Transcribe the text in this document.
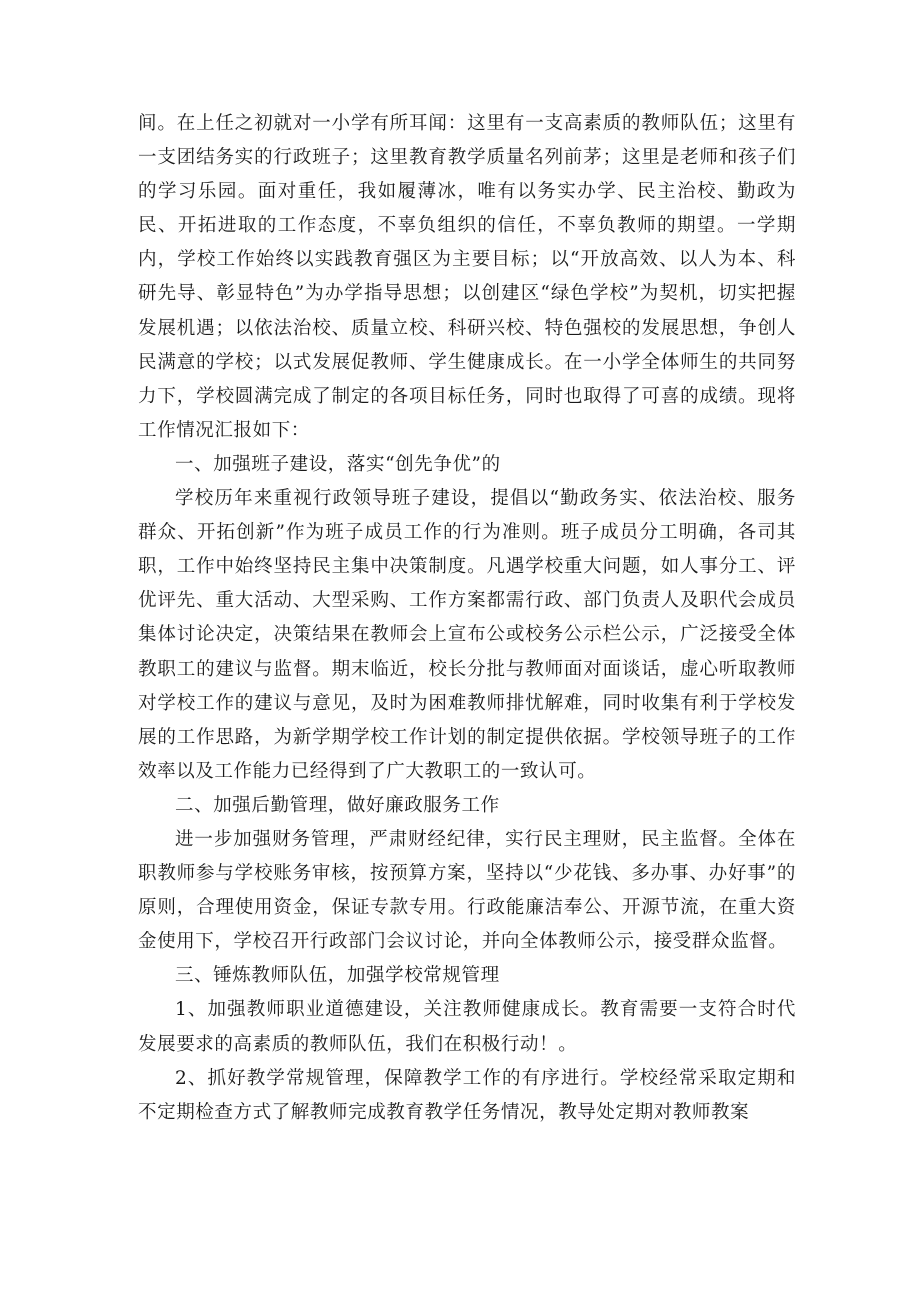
间。在上任之初就对一小学有所耳闻：这里有一支高素质的教师队伍；这里有一支团结务实的行政班子；这里教育教学质量名列前茅；这里是老师和孩子们的学习乐园。面对重任，我如履薄冰，唯有以务实办学、民主治校、勤政为民、开拓进取的工作态度，不辜负组织的信任，不辜负教师的期望。一学期内，学校工作始终以实践教育强区为主要目标；以“开放高效、以人为本、科研先导、彰显特色”为办学指导思想；以创建区“绿色学校”为契机，切实把握发展机遇；以依法治校、质量立校、科研兴校、特色强校的发展思想，争创人民满意的学校；以式发展促教师、学生健康成长。在一小学全体师生的共同努力下，学校圆满完成了制定的各项目标任务，同时也取得了可喜的成绩。现将工作情况汇报如下：

一、加强班子建设，落实“创先争优”的

学校历年来重视行政领导班子建设，提倡以“勤政务实、依法治校、服务群众、开拓创新”作为班子成员工作的行为准则。班子成员分工明确，各司其职，工作中始终坚持民主集中决策制度。凡遇学校重大问题，如人事分工、评优评先、重大活动、大型采购、工作方案都需行政、部门负责人及职代会成员集体讨论决定，决策结果在教师会上宣布公或校务公示栏公示，广泛接受全体教职工的建议与监督。期末临近，校长分批与教师面对面谈话，虚心听取教师对学校工作的建议与意见，及时为困难教师排忧解难，同时收集有利于学校发展的工作思路，为新学期学校工作计划的制定提供依据。学校领导班子的工作效率以及工作能力已经得到了广大教职工的一致认可。

二、加强后勤管理，做好廉政服务工作

进一步加强财务管理，严肃财经纪律，实行民主理财，民主监督。全体在职教师参与学校账务审核，按预算方案，坚持以“少花钱、多办事、办好事”的原则，合理使用资金，保证专款专用。行政能廉洁奉公、开源节流，在重大资金使用下，学校召开行政部门会议讨论，并向全体教师公示，接受群众监督。

三、锤炼教师队伍，加强学校常规管理

1、加强教师职业道德建设，关注教师健康成长。教育需要一支符合时代发展要求的高素质的教师队伍，我们在积极行动！。

2、抓好教学常规管理，保障教学工作的有序进行。学校经常采取定期和不定期检查方式了解教师完成教育教学任务情况，教导处定期对教师教案
